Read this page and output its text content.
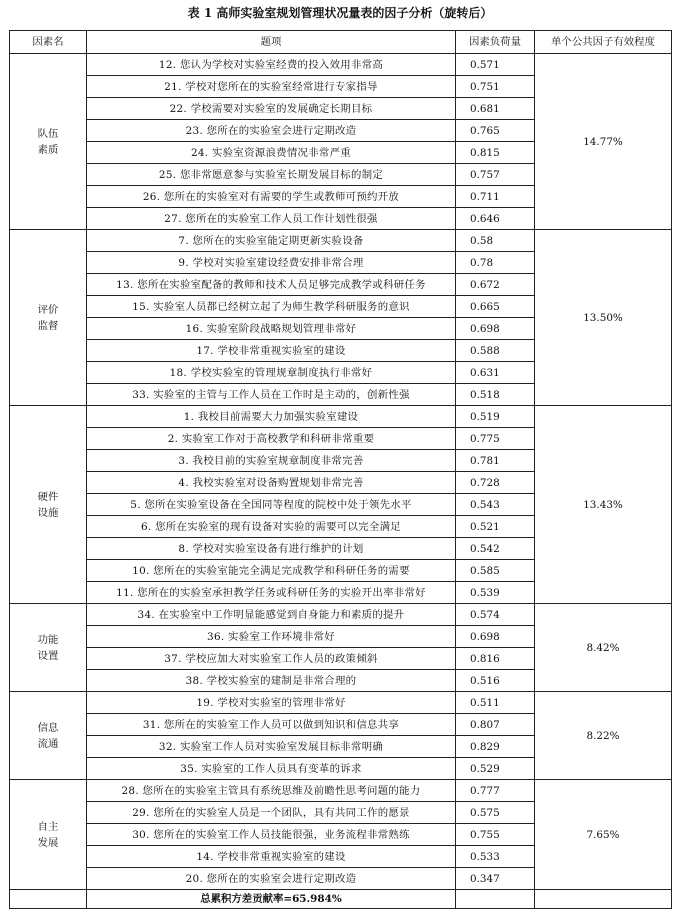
表 1 高师实验室规划管理状况量表的因子分析（旋转后）
因素名	题项	因素负荷量	单个公共因子有效程度

队伍
素质	12. 您认为学校对实验室经费的投入效用非常高	0.571	14.77%
	21. 学校对您所在的实验室经常进行专家指导	0.751	
	22. 学校需要对实验室的发展确定长期目标	0.681	
	23. 您所在的实验室会进行定期改造	0.765	
	24. 实验室资源浪费情况非常严重	0.815	
	25. 您非常愿意参与实验室长期发展目标的制定	0.757	
	26. 您所在的实验室对有需要的学生或教师可预约开放	0.711	
	27. 您所在的实验室工作人员工作计划性很强	0.646	

评价
监督	7. 您所在的实验室能定期更新实验设备	0.58	13.50%
	9. 学校对实验室建设经费安排非常合理	0.78	
	13. 您所在实验室配备的教师和技术人员足够完成教学或科研任务	0.672	
	15. 实验室人员都已经树立起了为师生教学科研服务的意识	0.665	
	16. 实验室阶段战略规划管理非常好	0.698	
	17. 学校非常重视实验室的建设	0.588	
	18. 学校实验室的管理规章制度执行非常好	0.631	
	33. 实验室的主管与工作人员在工作时是主动的，创新性强	0.518	

硬件
设施	1. 我校目前需要大力加强实验室建设	0.519	13.43%
	2. 实验室工作对于高校教学和科研非常重要	0.775	
	3. 我校目前的实验室规章制度非常完善	0.781	
	4. 我校实验室对设备购置规划非常完善	0.728	
	5. 您所在实验室设备在全国同等程度的院校中处于领先水平	0.543	
	6. 您所在实验室的现有设备对实验的需要可以完全满足	0.521	
	8. 学校对实验室设备有进行维护的计划	0.542	
	10. 您所在的实验室能完全满足完成教学和科研任务的需要	0.585	
	11. 您所在的实验室承担教学任务或科研任务的实验开出率非常好	0.539	

功能
设置	34. 在实验室中工作明显能感觉到自身能力和素质的提升	0.574	8.42%
	36. 实验室工作环境非常好	0.698	
	37. 学校应加大对实验室工作人员的政策倾斜	0.816	
	38. 学校实验室的建制是非常合理的	0.516	

信息
流通	19. 学校对实验室的管理非常好	0.511	8.22%
	31. 您所在的实验室工作人员可以做到知识和信息共享	0.807	
	32. 实验室工作人员对实验室发展目标非常明确	0.829	
	35. 实验室的工作人员具有变革的诉求	0.529	

自主
发展	28. 您所在的实验室主管具有系统思维及前瞻性思考问题的能力	0.777	7.65%
	29. 您所在的实验室人员是一个团队，具有共同工作的愿景	0.575	
	30. 您所在的实验室工作人员技能很强，业务流程非常熟练	0.755	
	14. 学校非常重视实验室的建设	0.533	
	20. 您所在的实验室会进行定期改造	0.347	
	总累积方差贡献率=65.984%		
